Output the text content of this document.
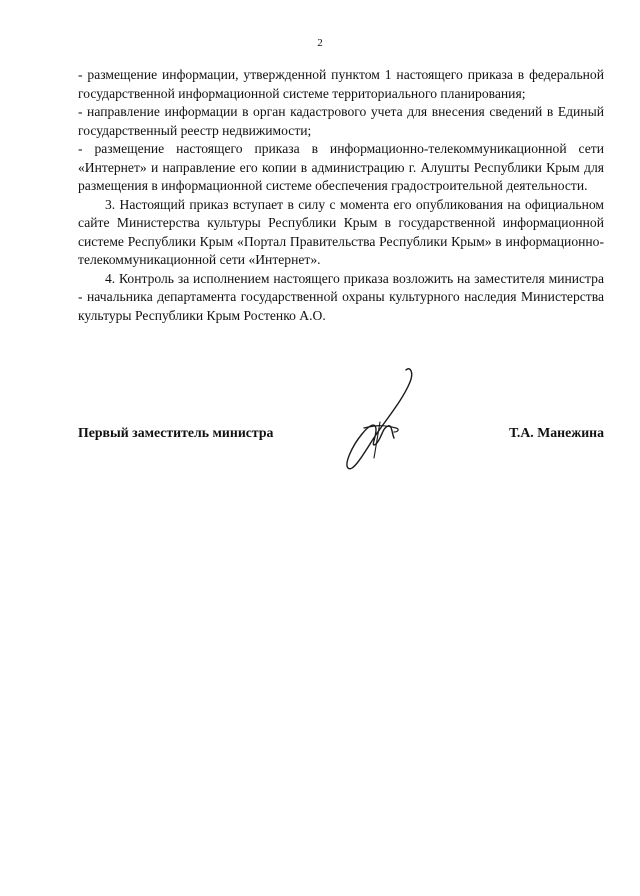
2

- размещение информации, утвержденной пунктом 1 настоящего приказа в федеральной государственной информационной системе территориального планирования;

- направление информации в орган кадастрового учета для внесения сведений в Единый государственный реестр недвижимости;

- размещение настоящего приказа в информационно-телекоммуникационной сети «Интернет» и направление его копии в администрацию г. Алушты Республики Крым для размещения в информационной системе обеспечения градостроительной деятельности.

3. Настоящий приказ вступает в силу с момента его опубликования на официальном сайте Министерства культуры Республики Крым в государственной информационной системе Республики Крым «Портал Правительства Республики Крым» в информационно-телекоммуникационной сети «Интернет».

4. Контроль за исполнением настоящего приказа возложить на заместителя министра - начальника департамента государственной охраны культурного наследия Министерства культуры Республики Крым Ростенко А.О.

Первый заместитель министра	Т.А. Манежина
